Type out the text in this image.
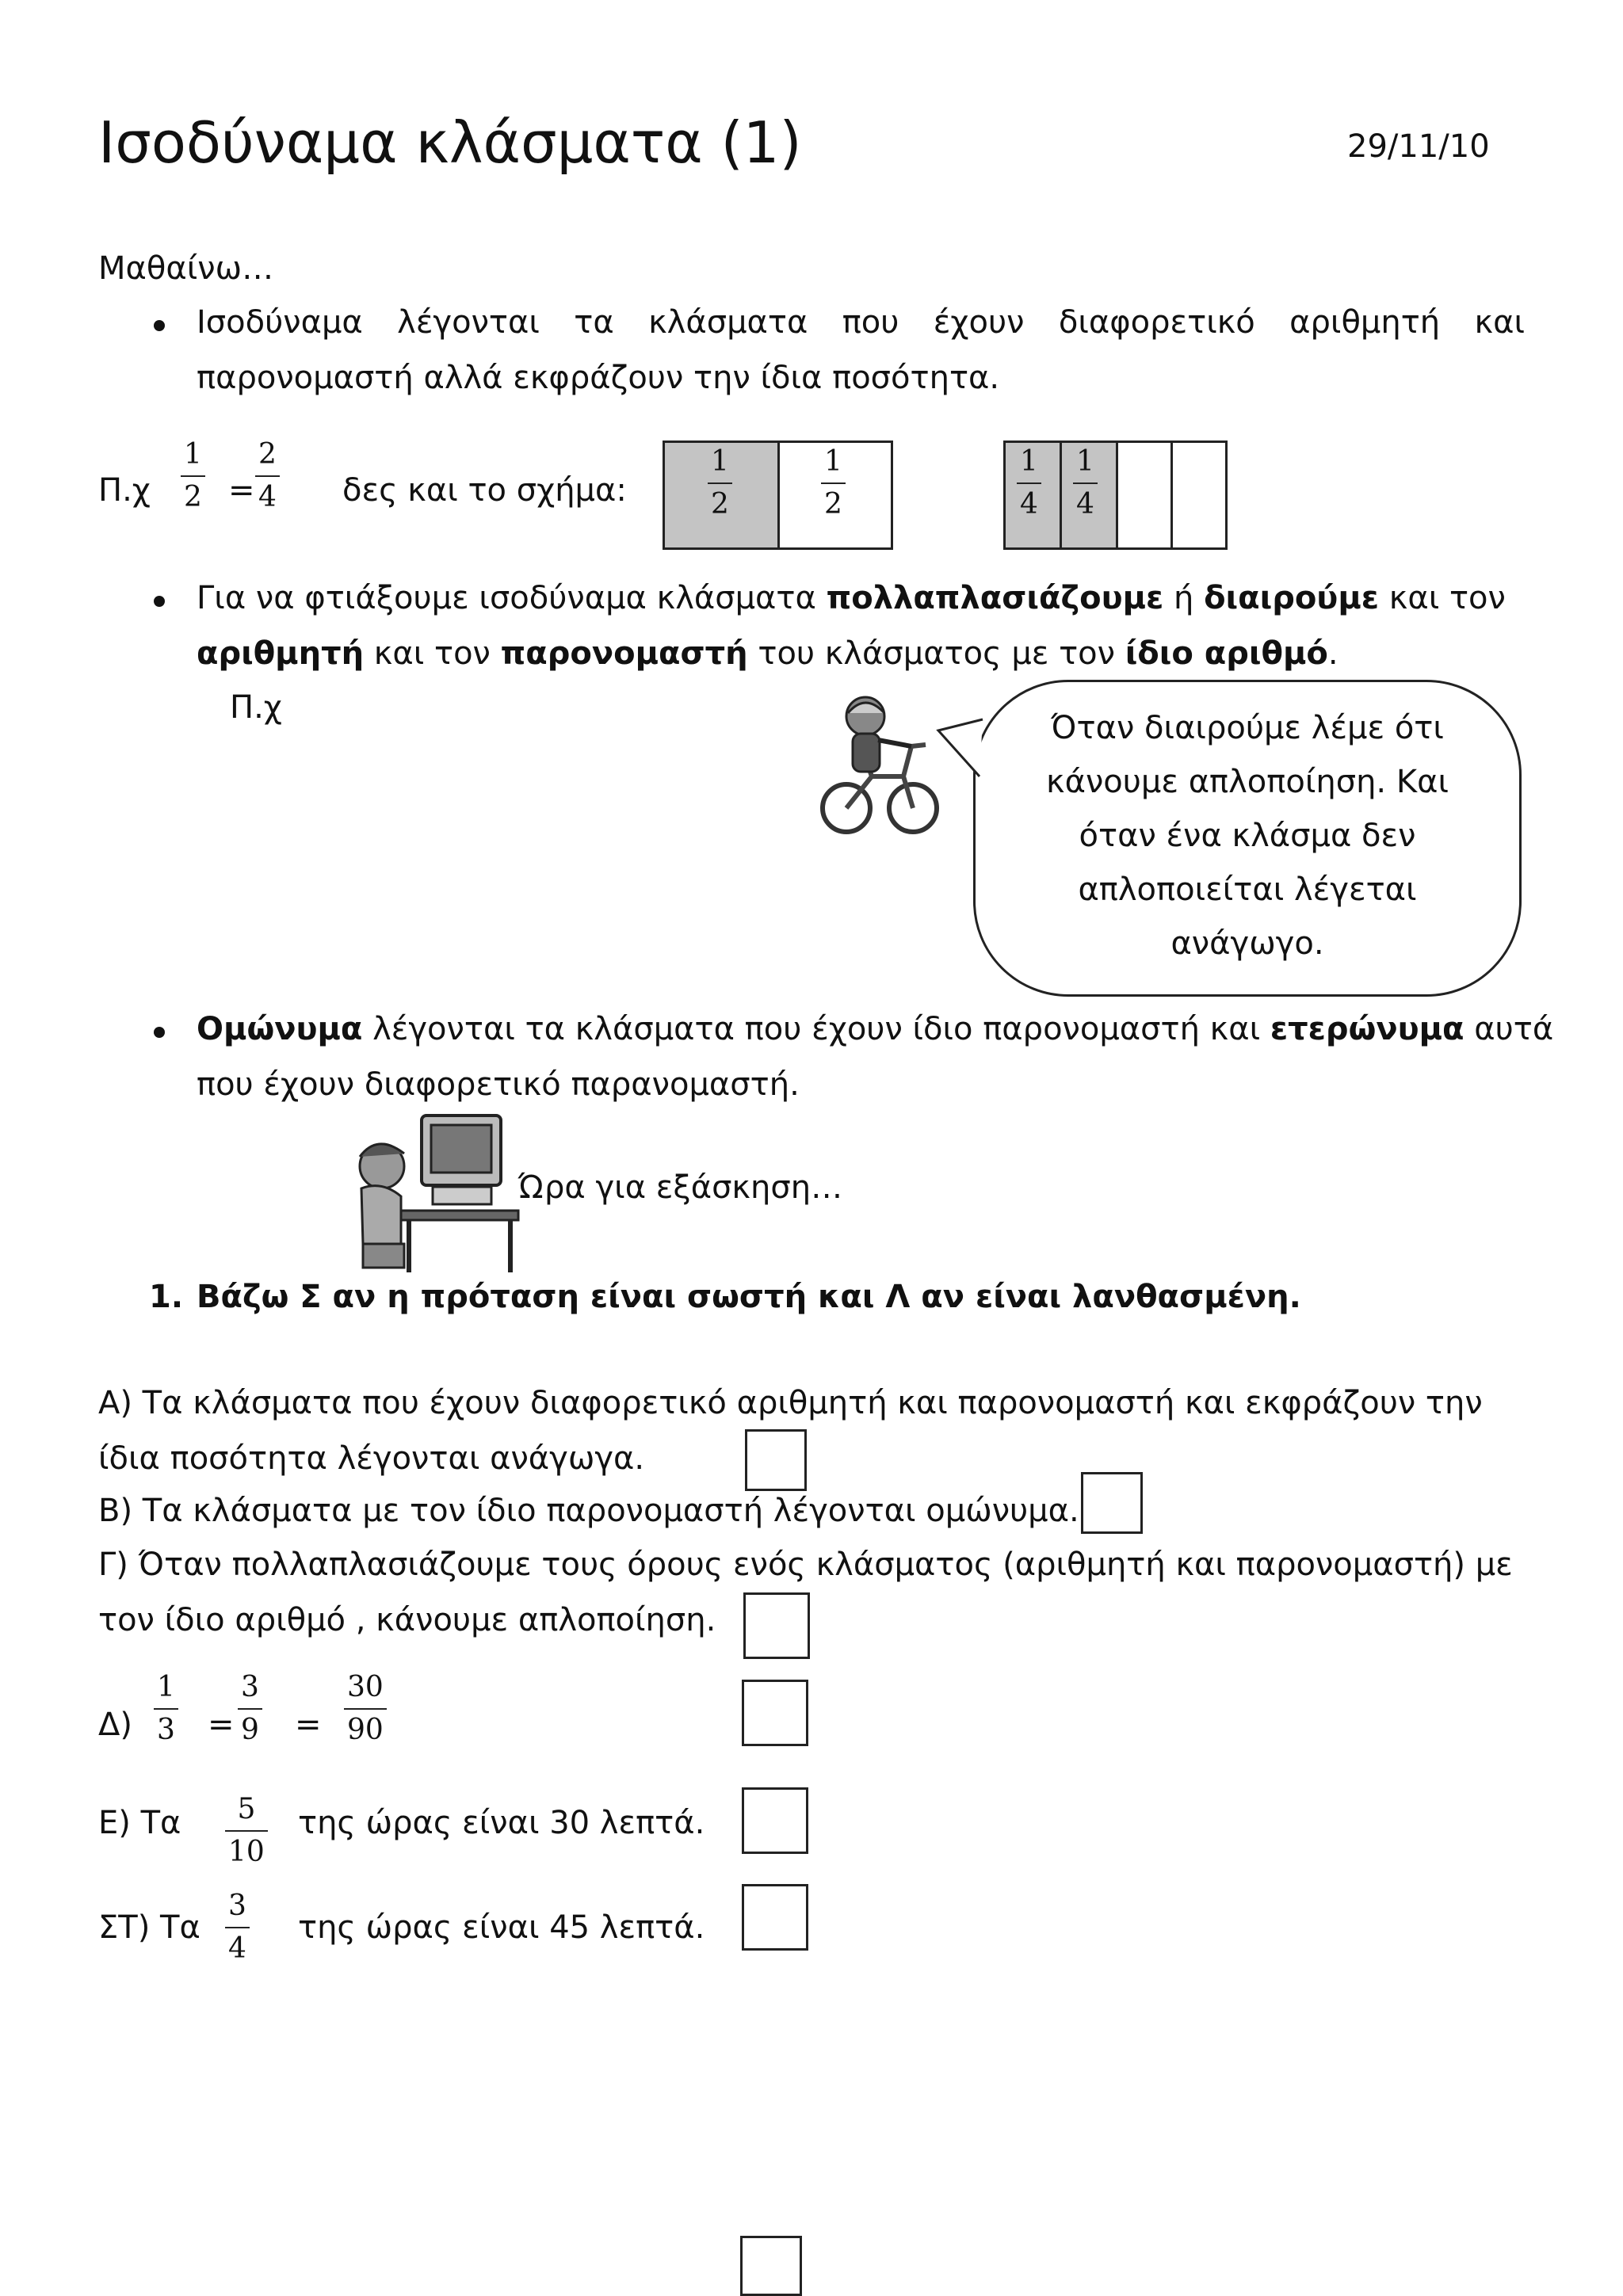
Ισοδύναμα κλάσματα (1)	29/11/10
Μαθαίνω…
Ισοδύναμα λέγονται τα κλάσματα που έχουν διαφορετικό αριθμητή και
παρονομαστή αλλά εκφράζουν την ίδια ποσότητα.
$\Pi.\chi \frac{1}{2} = \frac{2}{4}$ δες και το σχήμα:	$\frac{1}{2}$	$\frac{1}{2}$	$\frac{1}{4} \frac{1}{4}$
Για να φτιάξουμε ισοδύναμα κλάσματα πολλαπλασιάζουμε ή διαιρούμε και τον
αριθμητή και τον παρονομαστή του κλάσματος με τον ίδιο αριθμό.
Π.χ
Όταν διαιρούμε λέμε ότι
κάνουμε απλοποίηση. Και
όταν ένα κλάσμα δεν
απλοποιείται λέγεται
ανάγωγο.
Ομώνυμα λέγονται τα κλάσματα που έχουν ίδιο παρονομαστή και ετερώνυμα αυτά
που έχουν διαφορετικό παρανομαστή.
Ώρα για εξάσκηση…
1. Βάζω Σ αν η πρόταση είναι σωστή και Λ αν είναι λανθασμένη.
Α) Τα κλάσματα που έχουν διαφορετικό αριθμητή και παρονομαστή και εκφράζουν την
ίδια ποσότητα λέγονται ανάγωγα.
Β) Τα κλάσματα με τον ίδιο παρονομαστή λέγονται ομώνυμα.
Γ) Όταν πολλαπλασιάζουμε τους όρους ενός κλάσματος (αριθμητή και παρονομαστή) με
τον ίδιο αριθμό , κάνουμε απλοποίηση.
$\Delta) \frac{1}{3} = \frac{3}{9} = \frac{30}{90}$
Ε) Τα $\frac{5}{10}$ της ώρας είναι 30 λεπτά.
ΣΤ) Τα $\frac{3}{4}$ της ώρας είναι 45 λεπτά.
